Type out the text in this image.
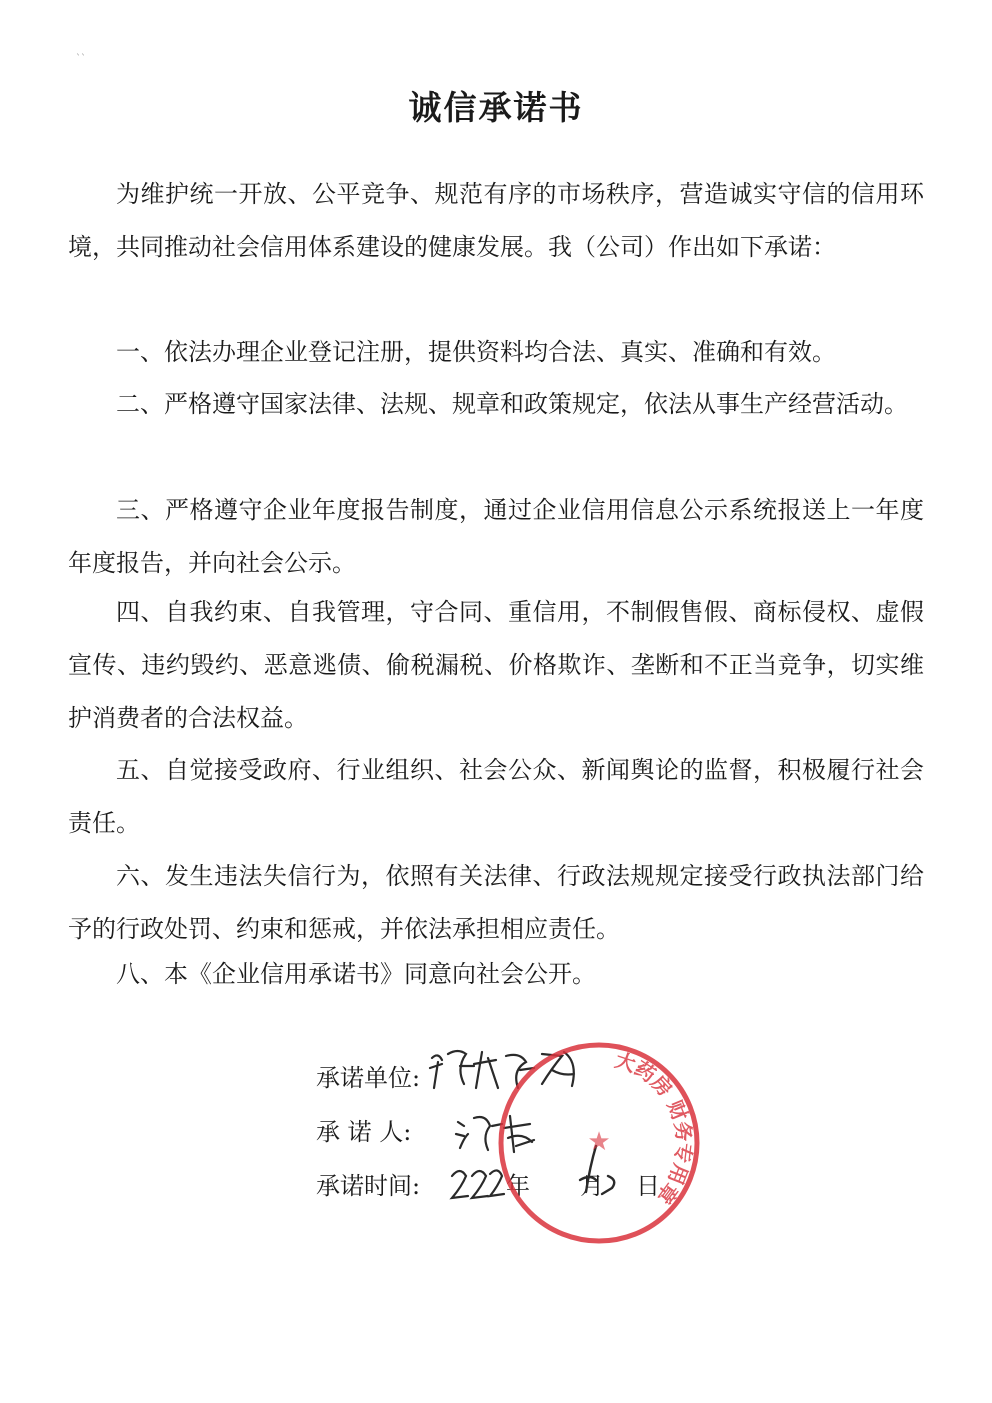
诚信承诺书
为维护统一开放、公平竞争、规范有序的市场秩序，营造诚实守信的信用环境，共同推动社会信用体系建设的健康发展。我（公司）作出如下承诺：
一、依法办理企业登记注册，提供资料均合法、真实、准确和有效。
二、严格遵守国家法律、法规、规章和政策规定，依法从事生产经营活动。
三、严格遵守企业年度报告制度，通过企业信用信息公示系统报送上一年度年度报告，并向社会公示。
四、自我约束、自我管理，守合同、重信用，不制假售假、商标侵权、虚假宣传、违约毁约、恶意逃债、偷税漏税、价格欺诈、垄断和不正当竞争，切实维护消费者的合法权益。
五、自觉接受政府、行业组织、社会公众、新闻舆论的监督，积极履行社会责任。
六、发生违法失信行为，依照有关法律、行政法规规定接受行政执法部门给予的行政处罚、约束和惩戒，并依法承担相应责任。
八、本《企业信用承诺书》同意向社会公开。
承诺单位:
承 诺 人:
承诺时间:	年 月 日
大药房 财务专用章
★
``
